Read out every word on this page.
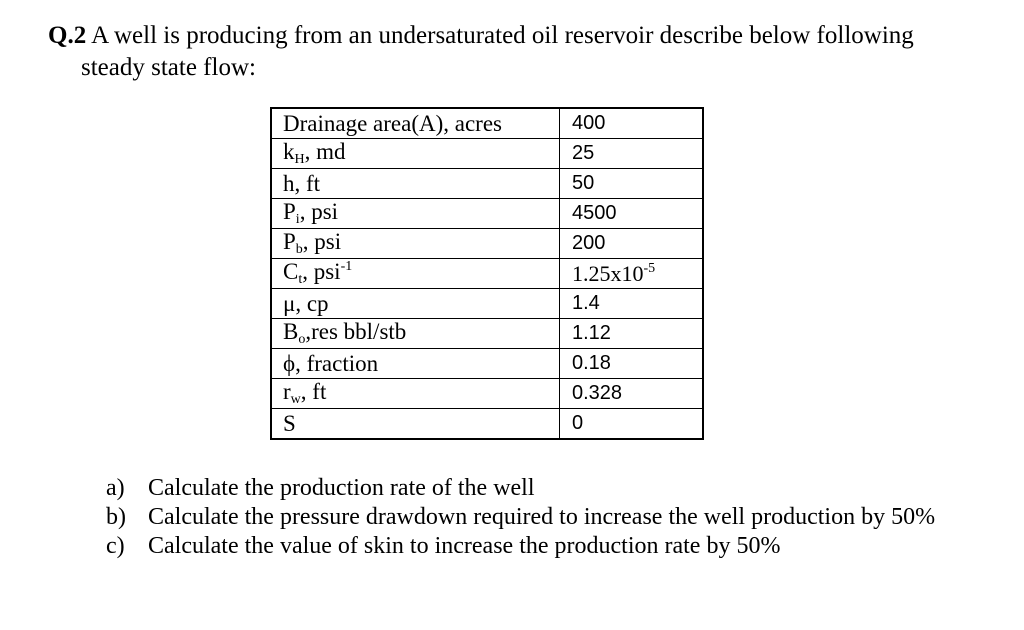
Q.2 A well is producing from an undersaturated oil reservoir describe below following
steady state flow:
Drainage area(A), acres	400
$k_H$, md	25
h, ft	50
$P_i$, psi	4500
$P_b$, psi	200
$C_t$, psi$^{-1}$	$1.25x10^{-5}$
μ, cp	1.4
$B_o,res$ bbl/stb	1.12
ϕ, fraction	0.18
$r_w$, ft	0.328
S	0
a) Calculate the production rate of the well
b) Calculate the pressure drawdown required to increase the well production by 50%
c) Calculate the value of skin to increase the production rate by 50%
